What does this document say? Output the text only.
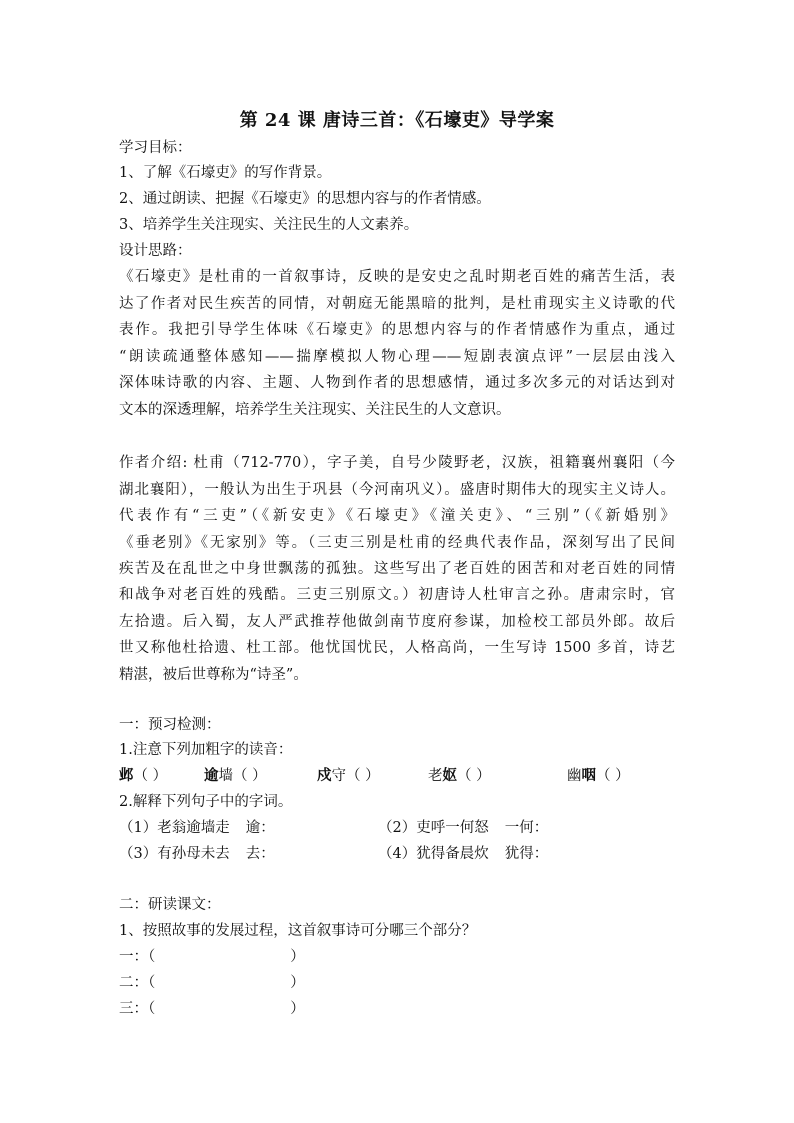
第 24 课 唐诗三首：《石壕吏》导学案
学习目标：
1、了解《石壕吏》的写作背景。
2、通过朗读、把握《石壕吏》的思想内容与的作者情感。
3、培养学生关注现实、关注民生的人文素养。
设计思路：
《石壕吏》是杜甫的一首叙事诗，反映的是安史之乱时期老百姓的痛苦生活，表
达了作者对民生疾苦的同情，对朝庭无能黑暗的批判，是杜甫现实主义诗歌的代
表作。我把引导学生体味《石壕吏》的思想内容与的作者情感作为重点，通过
“朗读疏通整体感知——揣摩模拟人物心理——短剧表演点评”一层层由浅入
深体味诗歌的内容、主题、人物到作者的思想感情，通过多次多元的对话达到对
文本的深透理解，培养学生关注现实、关注民生的人文意识。
作者介绍: 杜甫（712-770），字子美，自号少陵野老，汉族，祖籍襄州襄阳（今
湖北襄阳），一般认为出生于巩县（今河南巩义）。盛唐时期伟大的现实主义诗人。
代表作有“三吏”（《新安吏》《石壕吏》《潼关吏》、“三别”（《新婚别》
《垂老别》《无家别》等。（三吏三别是杜甫的经典代表作品，深刻写出了民间
疾苦及在乱世之中身世飘荡的孤独。这些写出了老百姓的困苦和对老百姓的同情
和战争对老百姓的残酷。三吏三别原文。）初唐诗人杜审言之孙。唐肃宗时，官
左拾遗。后入蜀，友人严武推荐他做剑南节度府参谋，加检校工部员外郎。故后
世又称他杜拾遗、杜工部。他忧国忧民，人格高尚，一生写诗 1500 多首，诗艺
精湛，被后世尊称为“诗圣”。
一：预习检测：
1.注意下列加粗字的读音：
邺（ ）	逾墙（ ）	戍守（ ）	老妪（ ）	幽咽（ ）
2.解释下列句子中的字词。
（1）老翁逾墙走 逾：	（2）吏呼一何怒 一何：
（3）有孙母未去 去：	（4）犹得备晨炊 犹得：
二：研读课文：
1、按照故事的发展过程，这首叙事诗可分哪三个部分？
一：（	）
二：（	）
三：（	）
